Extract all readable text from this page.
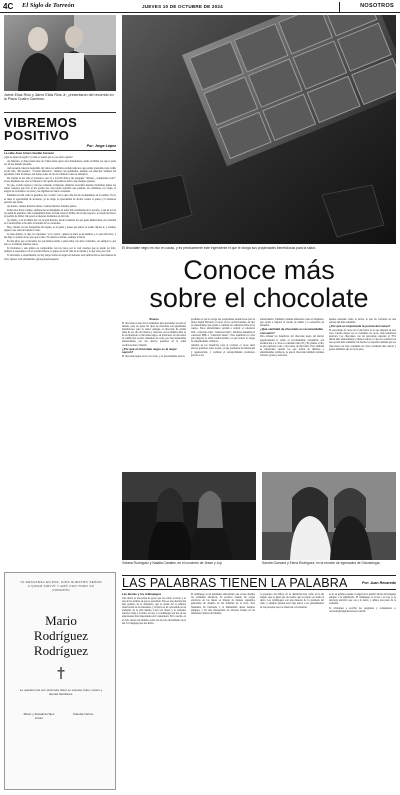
4C El Siglo de Torreón	JUEVES 10 DE OCTUBRE DE 2024	NOSOTROS
Jaime Elías Ríos y Jaime Elías Ríos Jr., presentaron del recorrido en la Plaza Cuatro Caminos.
VIBREMOS
POSITIVO
Por: Jorge López
La calle José Arturo Cuellar Carreón
¿Qué es dejar un legado? ¿Cómo se puede que te vea ante la gente?
Ay, Muestro, ya han pasado mas de 3 años desde que lo nos abandonaste, desde la última vez que te pude ver en ese mundo asustado.
Aun recuerdo nuestra despedida, mi visita era semillera cuando nada nos que podías prestarme todo cariño en mi vida, "Mi querido", "Carrión Mancebo", siempre con optimismo, siempre con emoción. Siempre tan agradable como un abrazo, tan tierno como un río tan calmado como un amanecer.
De repente se me vino el pronostico que va a la fecha final y me pregunte: "Abuelo, ¿comprenses todo?" en ese momento los ojos se llenaron y me quedé sin palabras ante lo que siempre quisiste.
Ya que, el alma regresa y me fue contando el mensaje, mientras recordaba muchos momentos juntos los tantos consejos que solo tu me podías dar, esas tardes sencillas que pasaban, las caminatas, los viajes, la alegría de escucharte, tus risas y tus lágrimas en tantas ocasiones.
Tambien recordé como la guardian, tus "coches" con la que cada día me acompañabas en el camino. Ya no se tiene la oportunidad de abrazarte, ya no tengo la oportunidad de decirte cuanto te quiero y la hermosa persona que fuiste.
Ay abuelo, cuantas historias tienes, cuantas historias tenemos juntos.
Podía estar horas contigo, siempre me acompañabas en todas mis ceremonias de la escuela, y aun en los de la pasión de abuelitos. Me acompañabas hasta el final, hasta el último día en mi proyecto, te regalé un marco de partido de fútbol. Me pase los mejores momentos de mi vida.
Ay abuelo, y en tu último día con tu gran historia, desde tu mundo los que gente Inmaculada, en tu misión de Catedral Dios te ha dado la bondad de los corazones.
Hoy, cuando veo las fotografías del legado, es tu gente y pensé que nunca se podría dejarte ir, y estamos seguros que estás ahí desde el cielo.
Te amo abuelo!, te dije, no respondes, "ya lo sabes", quieres tu nieto es un hombre, y lo que más lleva, y me digo, la pasión de los que que tu ibas. Tu sentías el abrazo, siempre lo haces.
Es una labor que ya hacemos los que hemos tenido a quien amar con amor verdadero, ser siempre lo que uno es, la familia, nuestras raíces.
Te invitamos a esta plática en compromiso con tus lazos, por lo cual creemos que se puede ser feliz, siempre te esperamos con el corazón abierto, te quiero en la mi vida de tu estima y lo que vale para vivir.
Te invitamos a experimentar, no hay mejor forma de seguir en sintonía: esta publicación es una manera de vivir. Quiero vivir plenamente: @jorgelopezterapeuta
YA DESCANSA EN PAZ, DIOS NUESTRO SEÑOR A QUIEN SIRVIÓ Y AMÓ CON TODO SU CORAZÓN
Mario
Rodríguez
Rodríguez
Le quedan sus con profundo dolor su esposa, hijos, nietos y demás familiares.
Mario y Rosalina Hijos Arturo
Claudia Carlos
El chocolate negro es rico en cacao, y es precisamente este ingrediente el que le otorga sus propiedades beneficiosas para la salud.
Conoce más
sobre el chocolate
Sinexo
El chocolate es uno de los alimentos más apreciados en todo el mundo, pero no todos los tipos de chocolate son igualmente beneficiosos para la salud. Aunque el chocolate ha tenido fama de ser alto en calorías y azúcares, en los últimos años se ha revalorizado el chocolate negro, en particular, un chocolate de calidad por su alto contenido de cacao, por sus propiedades antioxidantes, por sus efectos positivos en la salud cardiovascular y mental.
¿Por qué el chocolate negro es la mejor opción?
El chocolate negro es rico en cacao, y es precisamente este in-
grediente el que le otorga sus propiedades beneficiosas para la salud. Según Harvard, el cacao es rico en flavonoides, un tipo de antioxidante que ayuda a combatir los radicales libres en el cuerpo. Estos antioxidantes ayudan a reducir el colesterol LDL, conocido como "colesterol malo", mientras aumentan el colesterol HDL o "colesterol bueno". Esto equilibrio es clave para mejorar la salud cardiovascular, ya que reduce el riesgo de enfermedades cardiacas.
Además de los beneficios para el corazón, el cacao tiene efectos positivos sobre la piel, ya que promueve su hidratación y regeneración, y combate el envejecimiento prematuro gracias a sus
antioxidantes. También contiene minerales como el magnesio, que ayuda a mejorar el estado de ánimo y la sensación de bienestar.
¿Qué cantidad de chocolate es recomendable consumir?
Para obtener los beneficios del chocolate negro sin afectar negativamente la salud, es recomendable consumirlo con moderación. La clave es consumir entre 20 y 30 gramos al día, lo que equivale a una o dos onzas de chocolate. Esto también es importante cuando los que sufren de diabetes o enfermedades cardíacas, ya que el chocolate también contiene calorías, grasas y azúcares.
nientes naturales como la stevia, lo que las convierte en una opción aún más saludable.
¿Por qué es importante la pureza del cacao?
El porcentaje de cacao en el chocolate es lo que importa en este caso. Cuanto mayor sea el contenido de cacao, más beneficios aportará. Los chocolates con un porcentaje superior al 70% tienen más antioxidantes y menos azúcar, lo que los convierte en una opción más saludable. De hecho, los expertos señalan que los chocolates con bajo contenido de cacao contienen más azúcar y grasas añadidas que el cacao puro.
Viviana Rodríguez y Natalia Canales, en el concierto de Jesse y Joy.	Sandra Guevara y Elena Rodríguez, en la reunión de egresados de Odontología.
LAS PALABRAS TIENEN LA PALABRA	Por: Juan Recaredo
Las lluvias y los relámpagos
Una lluvia es una tanda de gotas que cae sobre la tierra y es una de las formas en que se presentan. Esta es una descripción más general, de la atmósfera, que se puede dar la primera observación de la naturaleza, y la lluvia se ha convertido en un elemento de la vida misma. Cada vez llueve y la tormenta eléctrica llega a la tierra, el rayo y el relámpago son dos de las expresiones más importantes en la naturaleza. En la noche, en el cielo desde este mundo, todos son un solo movimiento de la luz. Un lenguaje que nos habla.
El relámpago es un fenómeno atmosférico que ocurre durante las tormentas eléctricas. Se produce cuando las cargas eléctricas en las nubes se liberan de manera repentina, generando un destello de luz brillante en el cielo. Este fenómeno ha fascinado a la humanidad desde tiempos antiguos, y ha sido interpretado de diversas formas en las diferentes culturas del mundo.
A propósito del fútbol, en su definición hay como en la mi lengua, que es igual que un cuento que se puede ver desde la tierra. Los relámpagos son una muestra de la grandeza del cielo, y siempre pueden traer algo nuevo a los pensamientos de las personas que los observan con atención.
as de su palabra, tenían el origen de la palabra lluvia del lenguaje antiguo y su significado. El relámpago es la luz y el rayo es la descarga eléctrica que cae a la tierra, y ambos son parte de la tormenta.
Te invitamos a escribir tus preguntas y comentarios a: recaredo@elsiglodetorreon.com.mx
